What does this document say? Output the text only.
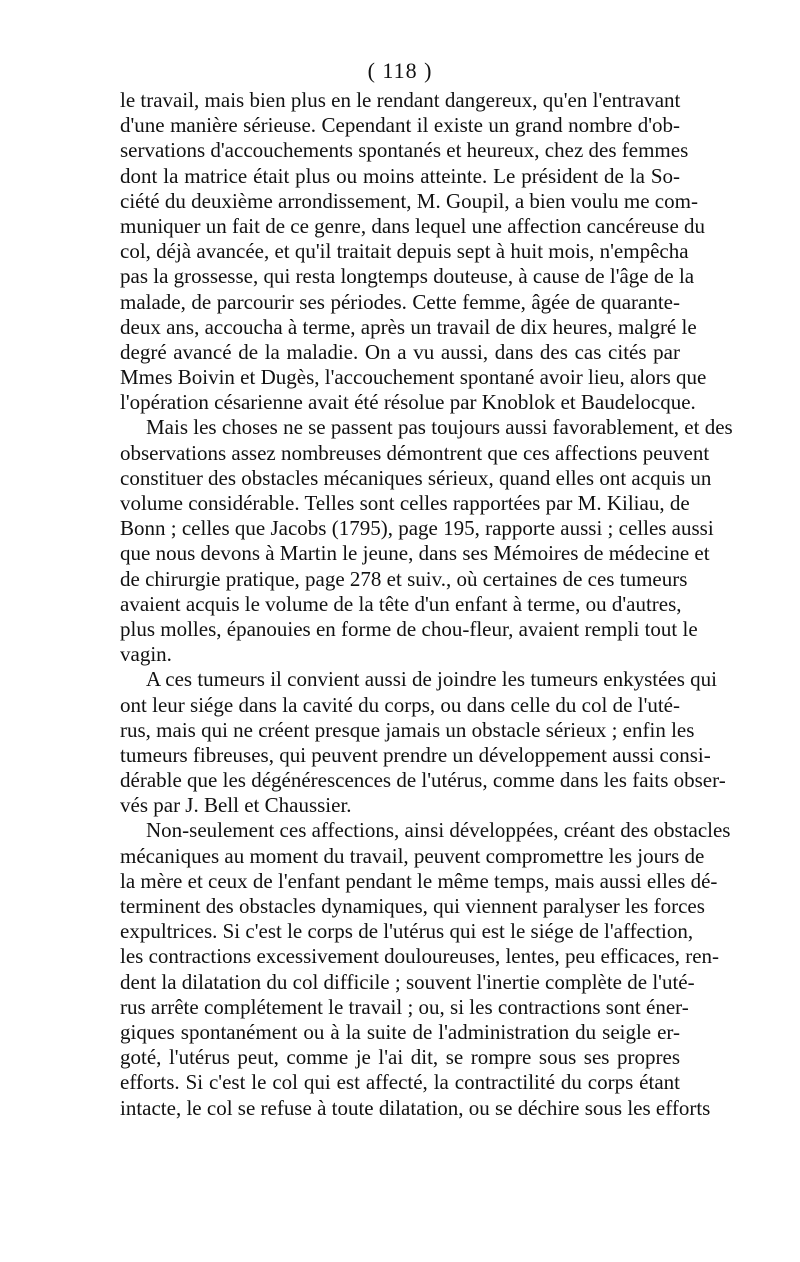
( 118 )
le travail, mais bien plus en le rendant dangereux, qu'en l'entravant
d'une manière sérieuse. Cependant il existe un grand nombre d'ob-
servations d'accouchements spontanés et heureux, chez des femmes
dont la matrice était plus ou moins atteinte. Le président de la So-
ciété du deuxième arrondissement, M. Goupil, a bien voulu me com-
muniquer un fait de ce genre, dans lequel une affection cancéreuse du
col, déjà avancée, et qu'il traitait depuis sept à huit mois, n'empêcha
pas la grossesse, qui resta longtemps douteuse, à cause de l'âge de la
malade, de parcourir ses périodes. Cette femme, âgée de quarante-
deux ans, accoucha à terme, après un travail de dix heures, malgré le
degré avancé de la maladie. On a vu aussi, dans des cas cités par
Mmes Boivin et Dugès, l'accouchement spontané avoir lieu, alors que
l'opération césarienne avait été résolue par Knoblok et Baudelocque.
Mais les choses ne se passent pas toujours aussi favorablement, et des
observations assez nombreuses démontrent que ces affections peuvent
constituer des obstacles mécaniques sérieux, quand elles ont acquis un
volume considérable. Telles sont celles rapportées par M. Kiliau, de
Bonn ; celles que Jacobs (1795), page 195, rapporte aussi ; celles aussi
que nous devons à Martin le jeune, dans ses Mémoires de médecine et
de chirurgie pratique, page 278 et suiv., où certaines de ces tumeurs
avaient acquis le volume de la tête d'un enfant à terme, ou d'autres,
plus molles, épanouies en forme de chou-fleur, avaient rempli tout le
vagin.
A ces tumeurs il convient aussi de joindre les tumeurs enkystées qui
ont leur siége dans la cavité du corps, ou dans celle du col de l'uté-
rus, mais qui ne créent presque jamais un obstacle sérieux ; enfin les
tumeurs fibreuses, qui peuvent prendre un développement aussi consi-
dérable que les dégénérescences de l'utérus, comme dans les faits obser-
vés par J. Bell et Chaussier.
Non-seulement ces affections, ainsi développées, créant des obstacles
mécaniques au moment du travail, peuvent compromettre les jours de
la mère et ceux de l'enfant pendant le même temps, mais aussi elles dé-
terminent des obstacles dynamiques, qui viennent paralyser les forces
expultrices. Si c'est le corps de l'utérus qui est le siége de l'affection,
les contractions excessivement douloureuses, lentes, peu efficaces, ren-
dent la dilatation du col difficile ; souvent l'inertie complète de l'uté-
rus arrête complétement le travail ; ou, si les contractions sont éner-
giques spontanément ou à la suite de l'administration du seigle er-
goté, l'utérus peut, comme je l'ai dit, se rompre sous ses propres
efforts. Si c'est le col qui est affecté, la contractilité du corps étant
intacte, le col se refuse à toute dilatation, ou se déchire sous les efforts
